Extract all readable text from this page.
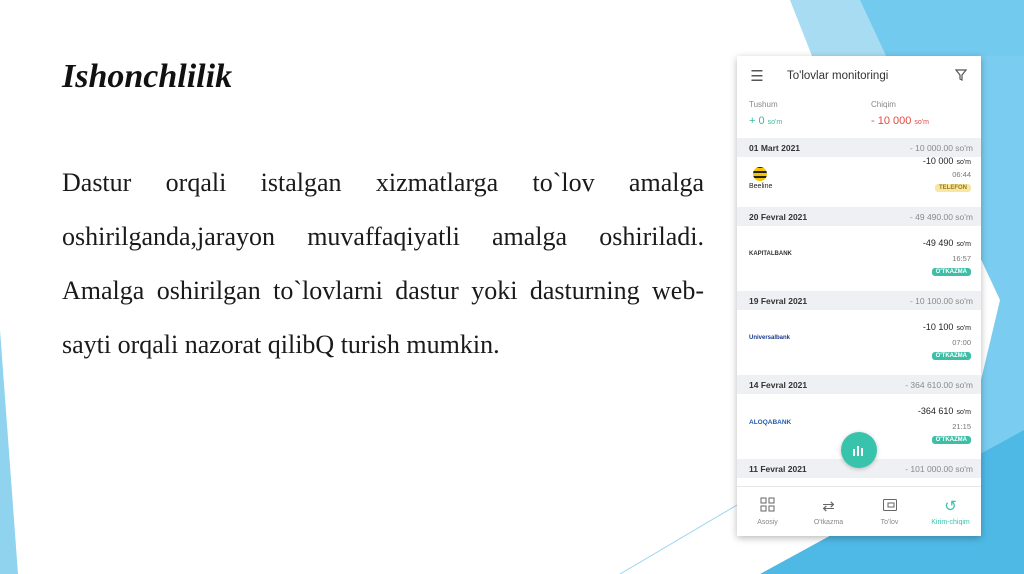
Ishonchlilik

Dastur orqali istalgan xizmatlarga to`lov amalga oshirilganda,jarayon muvaffaqiyatli amalga oshiriladi. Amalga oshirilgan to`lovlarni dastur yoki dasturning web-sayti orqali nazorat qilibQ turish mumkin.

☰	To'lovlar monitoringi
Tushum
+ 0 so'm
Chiqim
- 10 000 so'm
01 Mart 2021	- 10 000.00 so'm
Beeline
-10 000 so'm
06:44
TELEFON
20 Fevral 2021	- 49 490.00 so'm
KAPITALBANK
-49 490 so'm
16:57
O'TKAZMA
19 Fevral 2021	- 10 100.00 so'm
Universalbank
-10 100 so'm
07:00
O'TKAZMA
14 Fevral 2021	- 364 610.00 so'm
ALOQABANK
-364 610 so'm
21:15
O'TKAZMA
11 Fevral 2021	- 101 000.00 so'm
Asosiy
⇄
O'tkazma	To'lov
↺
Kirim-chiqim
